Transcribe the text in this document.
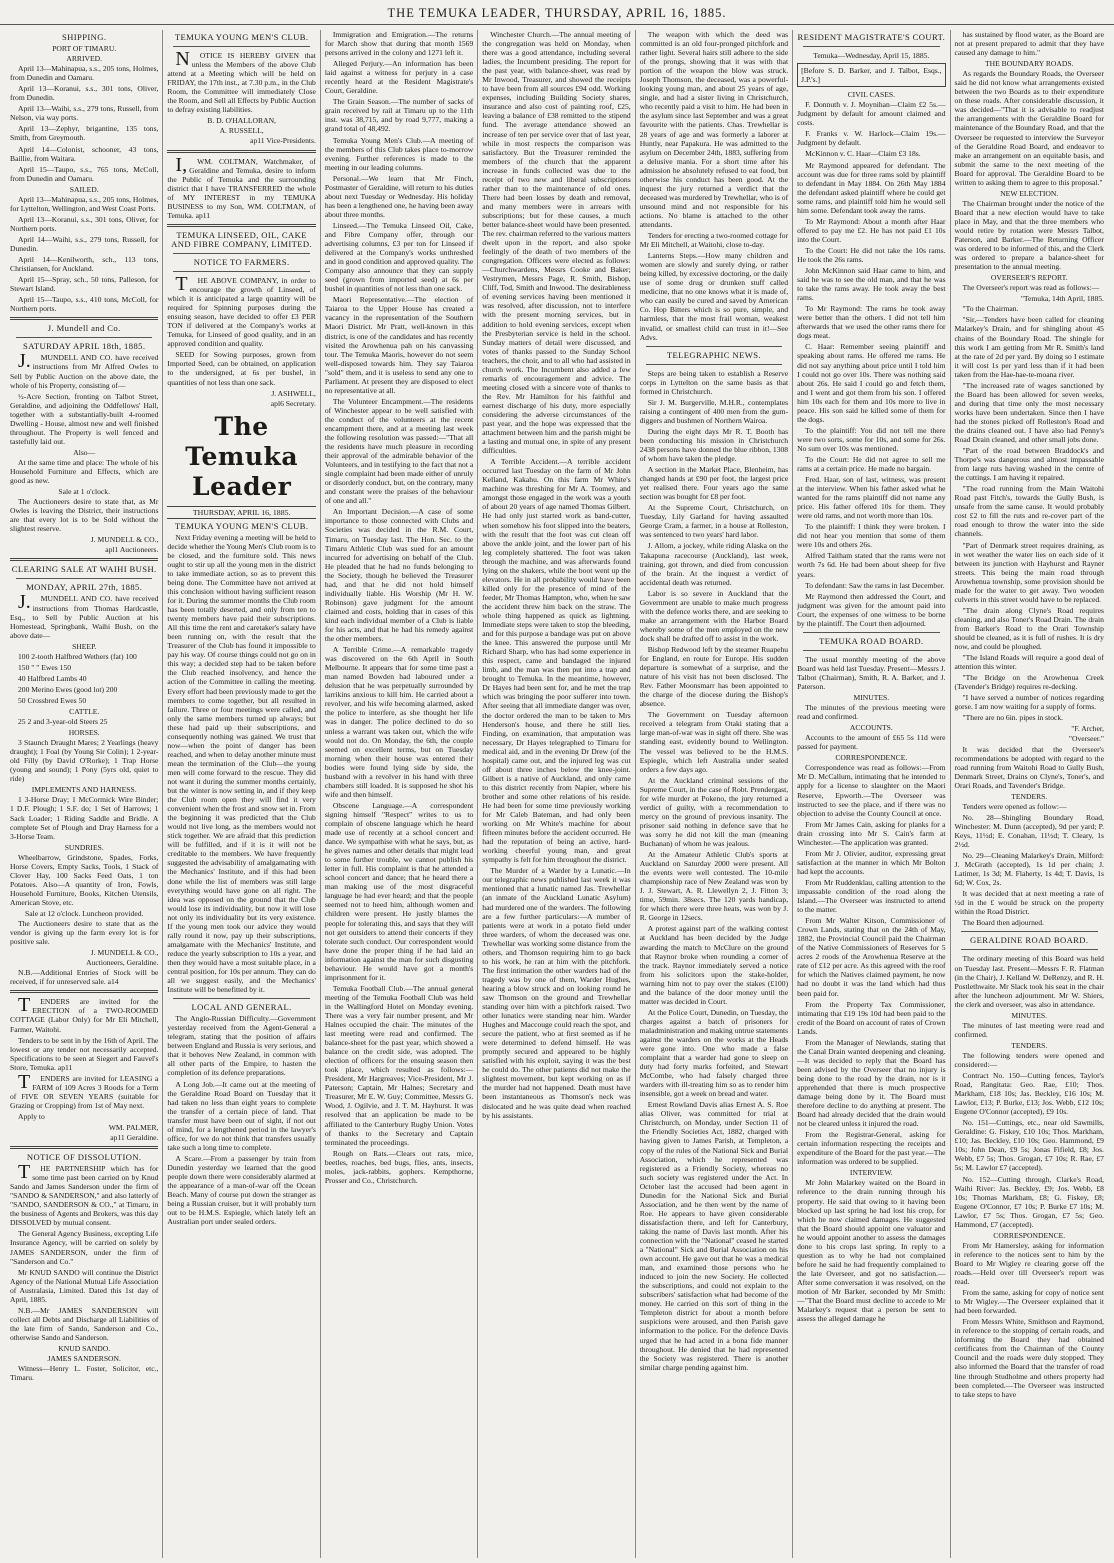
THE TEMUKA LEADER, THURSDAY, APRIL 16, 1885.
SHIPPING.
PORT OF TIMARU.
ARRIVED.
April 13—Mahinapua, s.s., 205 tons, Holmes, from Dunedin and Oamaru.
April 13—Koranui, s.s., 301 tons, Oliver, from Dunedin.
April 13—Waihi, s.s., 279 tons, Russell, from Nelson, via way ports.
April 13—Zephyr, brigantine, 135 tons, Smith, from Greymouth.
April 14—Colonist, schooner, 43 tons, Baillie, from Waitara.
April 15—Taupo, s.s., 765 tons, McColl, from Dunedin and Oamaru.
SAILED.
April 13—Mahinapua, s.s., 205 tons, Holmes, for Lyttelton, Wellington, and West Coast Ports.
April 13—Koranui, s.s., 301 tons, Oliver, for Northern ports.
April 14—Waihi, s.s., 279 tons, Russell, for Dunedin.
April 14—Kenilworth, sch., 113 tons, Christiansen, for Auckland.
April 15—Spray, sch., 50 tons, Palleson, for Stewart Island.
April 15—Taupo, s.s., 410 tons, McColl, for Northern ports.
J. Mundell and Co.
SATURDAY APRIL 18th, 1885.
J.MUNDELL AND CO. have received instructions from Mr Alfred Owles to Sell by Public Auction on the above date, the whole of his Property, consisting of—
½-Acre Section, fronting on Talbot Street, Geraldine, and adjoining the Oddfellows' Hall, together with a substantially-built 4-roomed Dwelling - House, almost new and well finished throughout. The Property is well fenced and tastefully laid out.
Also—
At the same time and place: The whole of his Household Furniture and Effects, which are good as new.
Sale at 1 o'clock.
The Auctioneers desire to state that, as Mr Owles is leaving the District, their instructions are that every lot is to be Sold without the slightest reserve.
J. MUNDELL & CO.,
apl1 Auctioneers.
CLEARING SALE AT WAIHI BUSH.
MONDAY, APRIL 27th, 1885.
J.MUNDELL AND CO. have received instructions from Thomas Hardcastle, Esq., to Sell by Public Auction at his Homestead, Springbank, Waihi Bush, on the above date—
SHEEP.
100 2-tooth Halfbred Wethers (fat) 100
150 " " Ewes 150
40 Halfbred Lambs 40
200 Merino Ewes (good lot) 200
50 Crossbred Ewes 50
CATTLE.
25 2 and 3-year-old Steers 25
HORSES.
3 Staunch Draught Mares; 2 Yearlings (heavy draught); 1 Foal (by Young Sir Colin); 1 2-year-old Filly (by David O'Rorke); 1 Trap Horse (young and sound); 1 Pony (5yrs old, quiet to ride)
IMPLEMENTS AND HARNESS.
1 3-Horse Dray; 1 McCormick Wire Binder; 1 D.F. Plough; 1 S.F. do; 1 Set of Harrows; 1 Sack Loader; 1 Riding Saddle and Bridle. A complete Set of Plough and Dray Harness for a 3-Horse Team.
SUNDRIES.
Wheelbarrow, Grindstone, Spades, Forks, Horse Covers, Empty Sacks, Tools, 1 Stack of Clover Hay, 100 Sacks Feed Oats, 1 ton Potatoes. Also—A quantity of Iron, Fowls, Household Furniture, Books, Kitchen Utensils, American Stove, etc.
Sale at 12 o'clock. Luncheon provided.
The Auctioneers desire to state that as the vendor is giving up the farm every lot is for positive sale.
J. MUNDELL & CO.,
Auctioneers, Geraldine.
N.B.—Additional Entries of Stock will be received, if for unreserved sale. a14
TENDERS are invited for the ERECTION of a TWO-ROOMED COTTAGE (Labor Only) for Mr Eli Mitchell, Farmer, Waitohi.
Tenders to be sent in by the 16th of April. The lowest or any tender not necessarily accepted. Specifications to be seen at Siegert and Fauvel's Store, Temuka. ap11
TENDERS are invited for LEASING a FARM of 109 Acres 3 Roods for a Term of FIVE OR SEVEN YEARS (suitable for Grazing or Cropping) from 1st of May next.
Apply to
WM. PALMER,
ap11 Geraldine.
NOTICE OF DISSOLUTION.
THE PARTNERSHIP which has for some time past been carried on by Knud Sando and James Sanderson under the firm of "SANDO & SANDERSON," and also latterly of "SANDO, SANDERSON & CO.," at Timaru, in the business of Agents and Brokers, was this day DISSOLVED by mutual consent.
The General Agency Business, excepting Life Insurance Agency, will be carried on solely by JAMES SANDERSON, under the firm of "Sanderson and Co."
Mr KNUD SANDO will continue the District Agency of the National Mutual Life Association of Australasia, Limited. Dated this 1st day of April, 1885.
N.B.—Mr JAMES SANDERSON will collect all Debts and Discharge all Liabilities of the late firm of Sando, Sanderson and Co., otherwise Sando and Sanderson.
KNUD SANDO.
JAMES SANDERSON.
Witness—Henry L. Foster, Solicitor, etc., Timaru.
TEMUKA YOUNG MEN'S CLUB.
NOTICE IS HEREBY GIVEN that unless the Members of the above Club attend at a Meeting which will be held on FRIDAY, the 17th inst., at 7.30 p.m., in the Club Room, the Committee will immediately Close the Room, and Sell all Effects by Public Auction to defray existing liabilities.
B. D. O'HALLORAN,
A. RUSSELL,
ap11 Vice-Presidents.
I,WM. COLTMAN, Watchmaker, of Geraldine and Temuka, desire to inform the Public of Temuka and the surrounding district that I have TRANSFERRED the whole of MY INTEREST in my TEMUKA BUSINESS to my Son, WM. COLTMAN, of Temuka. ap11
TEMUKA LINSEED, OIL, CAKE AND FIBRE COMPANY, LIMITED.
NOTICE TO FARMERS.
THE ABOVE COMPANY, in order to encourage the growth of Linseed, of which it is anticipated a large quantity will be required for Spinning purposes during the ensuing season, have decided to offer £3 PER TON if delivered at the Company's works at Temuka, for Linseed of good quality, and in an approved condition and quality.
SEED for Sowing purposes, grown from Imported Seed, can be obtained, on application to the undersigned, at 6s per bushel, in quantities of not less than one sack.
J. ASHWELL,
apl6 Secretary.
The Temuka Leader
THURSDAY, APRIL 16, 1885.
TEMUKA YOUNG MEN'S CLUB.
Next Friday evening a meeting will be held to decide whether the Young Men's Club room is to be closed, and the furniture sold. This news ought to stir up all the young men in the district to take immediate action, so as to prevent this being done. The Committee have not arrived at this conclusion without having sufficient reason for it. During the summer months the Club room has been totally deserted, and only from ten to twenty members have paid their subscriptions. All this time the rent and caretaker's salary have been running on, with the result that the Treasurer of the Club has found it impossible to pay his way. Of course things could not go on in this way; a decided step had to be taken before the Club reached insolvency, and hence the action of the Committee in calling the meeting. Every effort had been previously made to get the members to come together, but all resulted in failure. Three or four meetings were called, and only the same members turned up always; but these had paid up their subscriptions, and consequently nothing was gained. We trust that now—when the point of danger has been reached, and when to delay another minute must mean the termination of the Club—the young men will come forward to the rescue. They did not want it during the summer months certainly, but the winter is now setting in, and if they keep the Club room open they will find it very convenient when the frost and snow set in. From the beginning it was predicted that the Club would not live long, as the members would not stick together. We are afraid that this prediction will be fulfilled, and if it is it will not be creditable to the members. We have frequently suggested the advisability of amalgamating with the Mechanics' Institute, and if this had been done while the list of members was still large everything would have gone on all right. The idea was opposed on the ground that the Club would lose its individuality, but now it will lose not only its individuality but its very existence. If the young men took our advice they would rally round it now, pay up their subscriptions, amalgamate with the Mechanics' Institute, and reduce the yearly subscription to 10s a year, and then they would have a most suitable place, in a central position, for 10s per annum. They can do all we suggest easily, and the Mechanics' Institute will be benefitted by it.
LOCAL AND GENERAL.
The Anglo-Russian Difficulty.—Government yesterday received from the Agent-General a telegram, stating that the position of affairs between England and Russia is very serious, and that it behoves New Zealand, in common with all other parts of the Empire, to hasten the completion of its defence preparations.
A Long Job.—It came out at the meeting of the Geraldine Road Board on Tuesday that it had taken no less than eight years to complete the transfer of a certain piece of land. That transfer must have been out of sight, if not out of mind, for a lengthened period in the lawyer's office, for we do not think that transfers usually take such a long time to complete.
A Scare.—From a passenger by train from Dunedin yesterday we learned that the good people down there were considerably alarmed at the appearance of a man-of-war off the Ocean Beach. Many of course put down the stranger as being a Russian cruiser, but it will probably turn out to be H.M.S. Espiegle, which lately left an Australian port under sealed orders.
Immigration and Emigration.—The returns for March show that during that month 1569 persons arrived in the colony and 1271 left it.
Alleged Perjury.—An information has been laid against a witness for perjury in a case recently heard at the Resident Magistrate's Court, Geraldine.
The Grain Season.—The number of sacks of grain received by rail at Timaru up to the 11th inst. was 38,715, and by road 9,777, making a grand total of 48,492.
Temuka Young Men's Club.—A meeting of the members of this Club takes place to-morrow evening. Further references is made to the meeting in our leading columns.
Personal.—We learn that Mr Finch, Postmaster of Geraldine, will return to his duties about next Tuesday or Wednesday. His holiday has been a lengthened one, he having been away about three months.
Linseed.—The Temuka Linseed Oil, Cake, and Fibre Company offer, through our advertising columns, £3 per ton for Linseed if delivered at the Company's works unthreshed and in good condition and approved quality. The Company also announce that they can supply seed (grown from imported seed) at 6s per bushel in quantities of not less than one sack.
Maori Representative.—The election of Taiaroa to the Upper House has created a vacancy in the representation of the Southern Maori District. Mr Pratt, well-known in this district, is one of the candidates and has recently visited the Arowhenua pah on his canvassing tour. The Temuka Maoris, however do not seem well-disposed towards him. They say Taiaroa "sold" them, and it is useless to send any one to Parliament. At present they are disposed to elect no representative at all.
The Volunteer Encampment.—The residents of Winchester appear to be well satisfied with the conduct of the volunteers at the recent encampment there, and at a meeting last week the following resolution was passed:—"That all the residents have much pleasure in recording their approval of the admirable behavior of the Volunteers, and in testifying to the fact that not a single complaint had been made either of unruly or disorderly conduct, but, on the contrary, many and constant were the praises of the behaviour of one and all."
An Important Decision.—A case of some importance to those connected with Clubs and Societies was decided in the R.M. Court, Timaru, on Tuesday last. The Hon. Sec. to the Timaru Athletic Club was sued for an amount incurred for advertising on behalf of the Club. He pleaded that he had no funds belonging to the Society, though he believed the Treasurer had, and that he did not hold himself individually liable. His Worship (Mr H. W. Robinson) gave judgment for the amount claimed and costs, holding that in cases of this kind each individual member of a Club is liable for his acts, and that he had his remedy against the other members.
A Terrible Crime.—A remarkable tragedy was discovered on the 6th April in South Melbourne. It appears that for some time past a man named Bowden had laboured under a delusion that he was perpetually surrounded by larrikins anxious to kill him. He carried about a revolver, and his wife becoming alarmed, asked the police to interfere, as she thought her life was in danger. The police declined to do so unless a warrant was taken out, which the wife would not do. On Monday, the 6th, the couple seemed on excellent terms, but on Tuesday morning when their house was entered their bodies were found lying side by side, the husband with a revolver in his hand with three chambers still loaded. It is supposed he shot his wife and then himself.
Obscene Language.—A correspondent signing himself "Respect" writes to us to complain of obscene language which he heard made use of recently at a school concert and dance. We sympathise with what he says, but, as he gives names and other details that might lead to some further trouble, we cannot publish his letter in full. His complaint is that he attended a school concert and dance; that he heard there a man making use of the most disgraceful language he had ever heard; and that the people seemed not to heed him, although women and children were present. He justly blames the people for tolerating this, and says that they will not get outsiders to attend their concerts if they tolerate such conduct. Our correspondent would have done the proper thing if he had laid an information against the man for such disgusting behaviour. He would have got a month's imprisonment for it.
Temuka Football Club.—The annual general meeting of the Temuka Football Club was held in the Wallingford Hotel on Monday evening. There was a very fair number present, and Mr Halnes occupied the chair. The minutes of the last meeting were read and confirmed. The balance-sheet for the past year, which showed a balance on the credit side, was adopted. The election of officers for the ensuing season then took place, which resulted as follows:—President, Mr Hargreaves; Vice-President, Mr J. Paterson; Captain, Mr Halnes; Secretary and Treasurer, Mr E. W. Guy; Committee, Messrs G. Wood, J. Ogilvie, and J. T. M. Hayhurst. It was resolved that an application be made to be affiliated to the Canterbury Rugby Union. Votes of thanks to the Secretary and Captain terminated the proceedings.
Rough on Rats.—Clears out rats, mice, beetles, roaches, bed bugs, flies, ants, insects, moles, jack-rabbits, gophers. Kempthorne, Prosser and Co., Christchurch.
Winchester Church.—The annual meeting of the congregation was held on Monday, when there was a good attendance, including several ladies, the Incumbent presiding. The report for the past year, with balance-sheet, was read by Mr Inwood, Treasurer, and showed the receipts to have been from all sources £94 odd. Working expenses, including Building Society shares, insurance and also cost of painting roof, £25, leaving a balance of £38 remitted to the stipend fund. The average attendance showed an increase of ten per service over that of last year, while in most respects the comparison was satisfactory. But the Treasurer reminded the members of the church that the apparent increase in funds collected was due to the receipt of two new and liberal subscriptions rather than to the maintenance of old ones. There had been losses by death and removal, and many members were in arrears with subscriptions; but for these causes, a much better balance-sheet would have been presented. The rev. chairman referred to the various matters dwelt upon in the report, and also spoke feelingly of the death of two members of the congregation. Officers were elected as follows:—Churchwardens, Messrs Cooke and Baker; Vestrymen, Messrs Page, R. Smith, Bishop, Cliff, Tod, Smith and Inwood. The desirableness of evening services having been mentioned it was resolved, after discussion, not to interfere with the present morning services, but in addition to hold evening services, except when the Presbyterian service is held in the school. Sunday matters of detail were discussed, and votes of thanks passed to the Sunday School teachers, the choir, and to all who had assisted in church work. The Incumbent also added a few remarks of encouragement and advice. The meeting closed with a sincere vote of thanks to the Rev. Mr Hamilton for his faithful and earnest discharge of his duty, more especially considering the adverse circumstances of the past year, and the hope was expressed that the attachment between him and the parish might be a lasting and mutual one, in spite of any present difficulties.
A Terrible Accident.—A terrible accident occurred last Tuesday on the farm of Mr John Kelland, Kakahu. On this farm Mr White's machine was threshing for Mr A. Toomey, and amongst those engaged in the work was a youth of about 20 years of age named Thomas Gilbert. He had only just started work as band-cutter, when somehow his foot slipped into the beaters, with the result that the foot was cut clean off above the ankle joint, and the lower part of his leg completely shattered. The foot was taken through the machine, and was afterwards found lying on the shakers, while the boot went up the elevators. He in all probability would have been killed only for the presence of mind of the feeder, Mr Thomas Hampton, who, when he saw the accident threw him back on the straw. The whole thing happened as quick as lightning. Immediate steps were taken to stop the bleeding, and for this purpose a bandage was put on above the knee. This answered the purpose until Mr Richard Sharp, who has had some experience in this respect, came and bandaged the injured limb, and the man was then put into a trap and brought to Temuka. In the meantime, however, Dr Hayes had been sent for, and he met the trap which was bringing the poor sufferer into town. After seeing that all immediate danger was over, the doctor ordered the man to be taken to Mrs Henderson's house, and there he still lies. Finding, on examination, that amputation was necessary, Dr Hayes telegraphed to Timaru for medical aid, and in the evening Dr Drew (of the hospital) came out, and the injured leg was cut off about three inches below the knee-joint. Gilbert is a native of Auckland, and only came to this district recently from Napier, where his brother and some other relations of his reside. He had been for some time previously working for Mr Caleb Bateman, and had only been working on Mr White's machine for about fifteen minutes before the accident occurred. He had the reputation of being an active, hard-working cheerful young man, and great sympathy is felt for him throughout the district.
The Murder of a Warder by a Lunatic.—In our telegraphic news published last week it was mentioned that a lunatic named Jas. Trewhellar (an inmate of the Auckland Lunatic Asylum) had murdered one of the warders. The following are a few further particulars:—A number of patients were at work in a potato field under three warders, of whom the deceased was one. Trewhellar was working some distance from the others, and Thomson requiring him to go back to his work, he ran at him with the pitchfork. The first intimation the other warders had of the tragedy was by one of them, Warder Hughes, hearing a blow struck and on looking round he saw Thomson on the ground and Trewhellar standing over him with a pitchfork raised. Two other lunatics were standing near him. Warder Hughes and Maccouge could reach the spot, and secure the patient, who at first seemed as if he were determined to defend himself. He was promptly secured and appeared to be highly satisfied with his exploit, saying it was the best he could do. The other patients did not make the slightest movement, but kept working on as if the murder had not happened. Death must have been instantaneous as Thomson's neck was dislocated and he was quite dead when reached by his assistants.
The weapon with which the deed was committed is an old four-pronged pitchfork and rather light. Several hairs still adhere to the side of the prongs, showing that it was with that portion of the weapon the blow was struck. Joseph Thomson, the deceased, was a powerful-looking young man, and about 25 years of age, single, and had a sister living in Christchurch, who recently paid a visit to him. He had been in the asylum since last September and was a great favourite with the patients. Chas. Trewhellar is 28 years of age and was formerly a laborer at Huntly, near Papakura. He was admitted to the asylum on December 24th, 1883, suffering from a delusive mania. For a short time after his admission he absolutely refused to eat food, but otherwise his conduct has been good. At the inquest the jury returned a verdict that the deceased was murdered by Trewhellar, who is of unsound mind and not responsible for his actions. No blame is attached to the other attendants.
Tenders for erecting a two-roomed cottage for Mr Eli Mitchell, at Waitohi, close to-day.
Lanterns Steps.—How many children and women are slowly and surely dying, or rather being killed, by excessive doctoring, or the daily use of some drug or drunken stuff called medicine, that no one knows what it is made of, who can easily be cured and saved by American Co. Hop Bitters which is so pure, simple, and harmless, that the most frail woman, weakest invalid, or smallest child can trust in it!—See Advs.
TELEGRAPHIC NEWS.
Steps are being taken to establish a Reserve corps in Lyttelton on the same basis as that formed in Christchurch.
Sir J. M. Burgerville, M.H.R., contemplates raising a contingent of 400 men from the gum-diggers and bushmen of Northern Wairoa.
During the eight days Mr R. T. Booth has been conducting his mission in Christchurch 2438 persons have donned the blue ribbon, 1308 of whom have taken the pledge.
A section in the Market Place, Blenheim, has changed hands at £90 per foot, the largest price yet realised there. Four years ago the same section was bought for £8 per foot.
At the Supreme Court, Christchurch, on Tuesday, Lily Garland for having assaulted George Cram, a farmer, in a house at Rolleston, was sentenced to two years' hard labor.
J. Allom, a jockey, while riding Alaska on the Takapuna racecourse (Auckland), last week, training, got thrown, and died from concussion of the brain. At the inquest a verdict of accidental death was returned.
Labor is so severe in Auckland that the Government are unable to make much progress with the defence works there, and are seeking to make an arrangement with the Harbor Board whereby some of the men employed on the new dock shall be drafted off to assist in the work.
Bishop Redwood left by the steamer Ruapehu for England, en route for Europe. His sudden departure is somewhat of a surprise, and the nature of his visit has not been disclosed. The Rev. Father Moonsmarr has been appointed to the charge of the diocese during the Bishop's absence.
The Government on Tuesday afternoon received a telegram from Otaki stating that a large man-of-war was in sight off there. She was standing east, evidently bound to Wellington. The vessel was believed to be the H.M.S. Espiegle, which left Australia under sealed orders a few days ago.
At the Auckland criminal sessions of the Supreme Court, in the case of Robt. Prendergast, for wife murder at Pokeno, the jury returned a verdict of guilty, with a recommendation to mercy on the ground of previous insanity. The prisoner said nothing in defence save that he was sorry he did not kill the man (meaning Buchanan) of whom he was jealous.
At the Amateur Athletic Club's sports at Auckland on Saturday 2000 were present. All the events were well contested. The 10-mile championship race of New Zealand was won by J. J. Stewart, A. R. Llewellyn 2, J. Fitton 3; time, 59min. 38secs. The 120 yards handicap, for which there were three heats, was won by J. R. George in 12secs.
A protest against part of the walking contest at Auckland has been decided by the Judge awarding the match to McClure on the ground that Raynor broke when rounding a corner of the track. Raynor immediately served a notice from his solicitors upon the stake-holder, warning him not to pay over the stakes (£100) and the balance of the door money until the matter was decided in Court.
At the Police Court, Dunedin, on Tuesday, the charges against a batch of prisoners for maladministration and making untrue statements against the warders on the works at the Heads were gone into. One who made a false complaint that a warder had gone to sleep on duty had forty marks forfeited, and Stewart McCombe, who had falsely charged three warders with ill-treating him so as to render him insensible, got a week on bread and water.
Ernest Rowland Davis alias Ernest A. S. Roe alias Oliver, was committed for trial at Christchurch, on Monday, under Section 11 of the Friendly Societies Act, 1882, charged with having given to James Parish, at Templeton, a copy of the rules of the National Sick and Burial Association, which he represented was registered as a Friendly Society, whereas no such society was registered under the Act. In October last the accused had been agent in Dunedin for the National Sick and Burial Association, and he then went by the name of Roe. He appears to have given considerable dissatisfaction there, and left for Canterbury, taking the name of Davis last month. After his connection with the "National" ceased he started a "National" Sick and Burial Association on his own account. He gave out that he was a medical man, and examined those persons who he induced to join the new Society. He collected the subscriptions, and could not explain to the subscribers' satisfaction what had become of the money. He carried on this sort of thing in the Templeton district for about a month before suspicions were aroused, and then Parish gave information to the police. For the defence Davis urged that he had acted in a bona fide manner throughout. He denied that he had represented the Society was registered. There is another similar charge pending against him.
RESIDENT MAGISTRATE'S COURT.
Temuka—Wednesday, April 15, 1885.
[Before S. D. Barker, and J. Talbot, Esqs., J.P.'s.]
CIVIL CASES.
F. Donnuth v. J. Moynihan—Claim £2 5s.—Judgment by default for amount claimed and costs.
F. Franks v. W. Harlock—Claim 19s.—Judgment by default.
McKinnon v. C. Haar—Claim £3 18s.
Mr Raymond appeared for defendant. The account was due for three rams sold by plaintiff to defendant in May 1884. On 26th May 1884 the defendant asked plaintiff where he could get some rams, and plaintiff told him he would sell him some. Defendant took away the rams.
To Mr Raymond: About a month after Haar offered to pay me £2. He has not paid £1 10s into the Court.
To the Court: He did not take the 10s rams. He took the 26s rams.
John McKinnon said Haar came to him, and said he was to see the old man, and that he was to take the rams away. He took away the best rams.
To Mr Raymond: The rams he took away were better than the others. I did not tell him afterwards that we used the other rams there for dogs meat.
C. Haar: Remember seeing plaintiff and speaking about rams. He offered me rams. He did not say anything about price until I told him I could not go over 10s. There was nothing said about 26s. He said I could go and fetch them, and I went and got them from his son. I offered him 10s each for them and 10s more to live in peace. His son said he killed some of them for the dogs.
To the plaintiff: You did not tell me there were two sorts, some for 10s, and some for 26s. No sum over 10s was mentioned.
To the Court: He did not agree to sell me rams at a certain price. He made no bargain.
Fred. Haar, son of last, witness, was present at the interview. When his father asked what he wanted for the rams plaintiff did not name any price. His father offered 10s for them. They were old rams, and not worth more than 10s.
To the plaintiff: I think they were broken. I did not hear you mention that some of them were 10s and others 26s.
Alfred Taitham stated that the rams were not worth 7s 6d. He had been about sheep for five years.
To defendant: Saw the rams in last December.
Mr Raymond then addressed the Court, and judgment was given for the amount paid into Court, the expenses of one witness to be borne by the plaintiff. The Court then adjourned.
TEMUKA ROAD BOARD.
The usual monthly meeting of the above Board was held last Tuesday. Present—Messrs J. Talbot (Chairman), Smith, R. A. Barker, and J. Paterson.
MINUTES.
The minutes of the previous meeting were read and confirmed.
ACCOUNTS.
Accounts to the amount of £65 5s 11d were passed for payment.
CORRESPONDENCE.
Correspondence was read as follows:—From Mr D. McCallum, intimating that he intended to apply for a license to slaughter on the Maori Reserve, Epworth.—The Overseer was instructed to see the place, and if there was no objection to advise the County Council at once.
From Mr James Cain, asking for planks for a drain crossing into Mr S. Cain's farm at Winchester.—The application was granted.
From Mr J. Olivier, auditor, expressing great satisfaction at the manner in which Mr Bolton had kept the accounts.
From Mr Ruddenklau, calling attention to the impassable condition of the road along the Island.—The Overseer was instructed to attend to the matter.
From Mr Walter Kitson, Commissioner of Crown Lands, stating that on the 24th of May, 1882, the Provincial Council paid the Chairman of the Native Commissioners of Reserves for 5 acres 2 roods of the Arowhenua Reserve at the rate of £12 per acre. As this agreed with the roof for which the Natives claimed payment, he now had no doubt it was the land which had thus been paid for.
From the Property Tax Commissioner, intimating that £19 19s 10d had been paid to the credit of the Board on account of rates of Crown Lands.
From the Manager of Newlands, stating that the Canal Drain wanted deepening and cleaning.—It was decided to reply that the Board has been advised by the Overseer that no injury is being done to the road by the drain, nor is it apprehended that there is much prospective damage being done by it. The Board must therefore decline to do anything at present. The Board had already decided that the drain would not be cleared unless it injured the road.
From the Registrar-General, asking for certain information respecting the receipts and expenditure of the Board for the past year.—The information was ordered to be supplied.
INTERVIEW.
Mr John Malarkey waited on the Board in reference to the drain running through his property. He said that owing to it having been blocked up last spring he had lost his crop, for which he now claimed damages. He suggested that the Board should appoint one valuator and he would appoint another to assess the damages done to his crops last spring. In reply to a question as to why he had not complained before he said he had frequently complained to the late Overseer, and got no satisfaction.—After some conversation it was resolved, on the motion of Mr Barker, seconded by Mr Smith:—"That the Board must decline to accede to Mr Malarkey's request that a person be sent to assess the alleged damage he
has sustained by flood water, as the Board are not at present prepared to admit that they have caused any damage to him."
THE BOUNDARY ROADS.
As regards the Boundary Roads, the Overseer said he did not know what arrangements existed between the two Boards as to their expenditure on these roads. After considerable discussion, it was decided—"That it is advisable to readjust the arrangements with the Geraldine Board for maintenance of the Boundary Road, and that the Overseer be requested to interview the Surveyor of the Geraldine Road Board, and endeavor to make an arrangement on an equitable basis, and submit the same to the next meeting of the Board for approval. The Geraldine Board to be written to asking them to agree to this proposal."
NEW ELECTION.
The Chairman brought under the notice of the Board that a new election would have to take place in May, and that the three members who would retire by rotation were Messrs Talbot, Paterson, and Barker.—The Returning Officer was ordered to be informed of this, and the Clerk was ordered to prepare a balance-sheet for presentation to the annual meeting.
OVERSEER'S REPORT.
The Overseer's report was read as follows:—
"Temuka, 14th April, 1885.
"To the Chairman.
"Sir,—Tenders have been called for cleaning Malarkey's Drain, and for shingling about 45 chains of the Boundary Road. The shingle for this work I am getting from Mr R. Smith's land at the rate of 2d per yard. By doing so I estimate it will cost 1s per yard less than if it had been taken from the Hae-hae-te-moana river.
"The increased rate of wages sanctioned by the Board has been allowed for seven weeks, and during that time only the most necessary works have been undertaken. Since then I have had the stones picked off Rolleston's Road and the drains cleaned out. I have also had Penny's Road Drain cleaned, and other small jobs done.
"Part of the road between Braddock's and Thorpe's was dangerous and almost impassable from large ruts having washed in the centre of the cuttings. I am having it repaired.
"The road running from the Main Waitohi Road past Fitch's, towards the Gully Bush, is unsafe from the same cause. It would probably cost £2 to fill the ruts and re-cover part of the road enough to throw the water into the side channels.
"Part of Denmark street requires draining, as in wet weather the water lies on each side of it between its junction with Hayhurst and Rayner streets. This being the main road through Arowhenua township, some provision should be made for the water to get away. Two wooden culverts in this street would have to be replaced.
"The drain along Clyne's Road requires cleaning, and also Toner's Road Drain. The drain from Barker's Road to the Orari Township should be cleaned, as it is full of rushes. It is dry now, and could be ploughed.
"The Island Roads will require a good deal of attention this winter.
"The Bridge on the Arowhenua Creek (Tavender's Bridge) requires re-decking.
"I have served a number of notices regarding gorse. I am now waiting for a supply of forms.
"There are no 6in. pipes in stock.
"F. Archer,
"Overseer."
It was decided that the Overseer's recommendations be adopted with regard to the road running from Waitohi Road to Gully Bush, Denmark Street, Drains on Clyne's, Toner's, and Orari Roads, and Tavender's Bridge.
TENDERS.
Tenders were opened as follow:—
No. 28—Shingling Boundary Road, Winchester: M. Dunn (accepted), 9d per yard; P. Keys, 11½d; E. Conahan, 11½d; T. Cleary, 1s 2½d.
No. 29—Cleaning Malarkey's Drain, Milford: J. McGrath (accepted), 1s 1d per chain; J. Latimer, 1s 3d; M. Flaherty, 1s 4d; T. Davis, 1s 6d; W. Cox, 2s.
It was decided that at next meeting a rate of ½d in the £ would be struck on the property within the Road District.
The Board then adjourned.
GERALDINE ROAD BOARD.
The ordinary meeting of this Board was held on Tuesday last. Present—Messrs F. R. Flatman (in the Chair), J. Kelland W. DeRenzy, and R. H. Postlethwaite. Mr Slack took his seat in the chair after the luncheon adjournment. Mr W. Shiers, the clerk and overseer, was also in attendance.
MINUTES.
The minutes of last meeting were read and confirmed.
TENDERS.
The following tenders were opened and considered:—
Contract No. 150—Cutting fences, Taylor's Road, Rangitata: Geo. Rae, £10; Thos. Markham, £18 10s; Jas. Beckley, £16 10s; M. Lawlor, £13; P. Burke, £13; Jos. Webb, £12 10s; Eugene O'Connor (accepted), £9 10s.
No. 151—Cuttings, etc., near old Sawmills, Geraldine: G. Fiskey, £10 10s; Thos. Markham, £10; Jas. Beckley, £10 10s; Geo. Hammond, £9 10s; John Dean, £9 5s; Jonas Fifield, £8; Jos. Webb, £7 5s; Thos. Grogan, £7 10s; R. Rae, £7 5s; M. Lawlor £7 (accepted).
No. 152—Cutting through, Clarke's Road, Waihi River: Jas. Beckley, £9; Jos. Webb, £8 10s; Thomas Markham, £8; G. Fiskey, £8; Eugene O'Connor, £7 10s; P. Burke £7 10s; M. Lawlor, £7 5s; Thos. Grogan, £7 5s; Geo. Hammond, £7 (accepted).
CORRESPONDENCE.
From Mr Hamersley, asking for information in reference to the notices sent to him by the Board to Mr Wigley re clearing gorse off the roads.—Held over till Overseer's report was read.
From the same, asking for copy of notice sent to Mr Wigley.—The Overseer explained that it had been forwarded.
From Messrs White, Smithson and Raymond, in reference to the stopping of certain roads, and informing the Board they had obtained certificates from the Chairman of the County Council and the roads were duly stopped. They also informed the Board that the transfer of road line through Studholme and others property had been completed.—The Overseer was instructed to take steps to have
